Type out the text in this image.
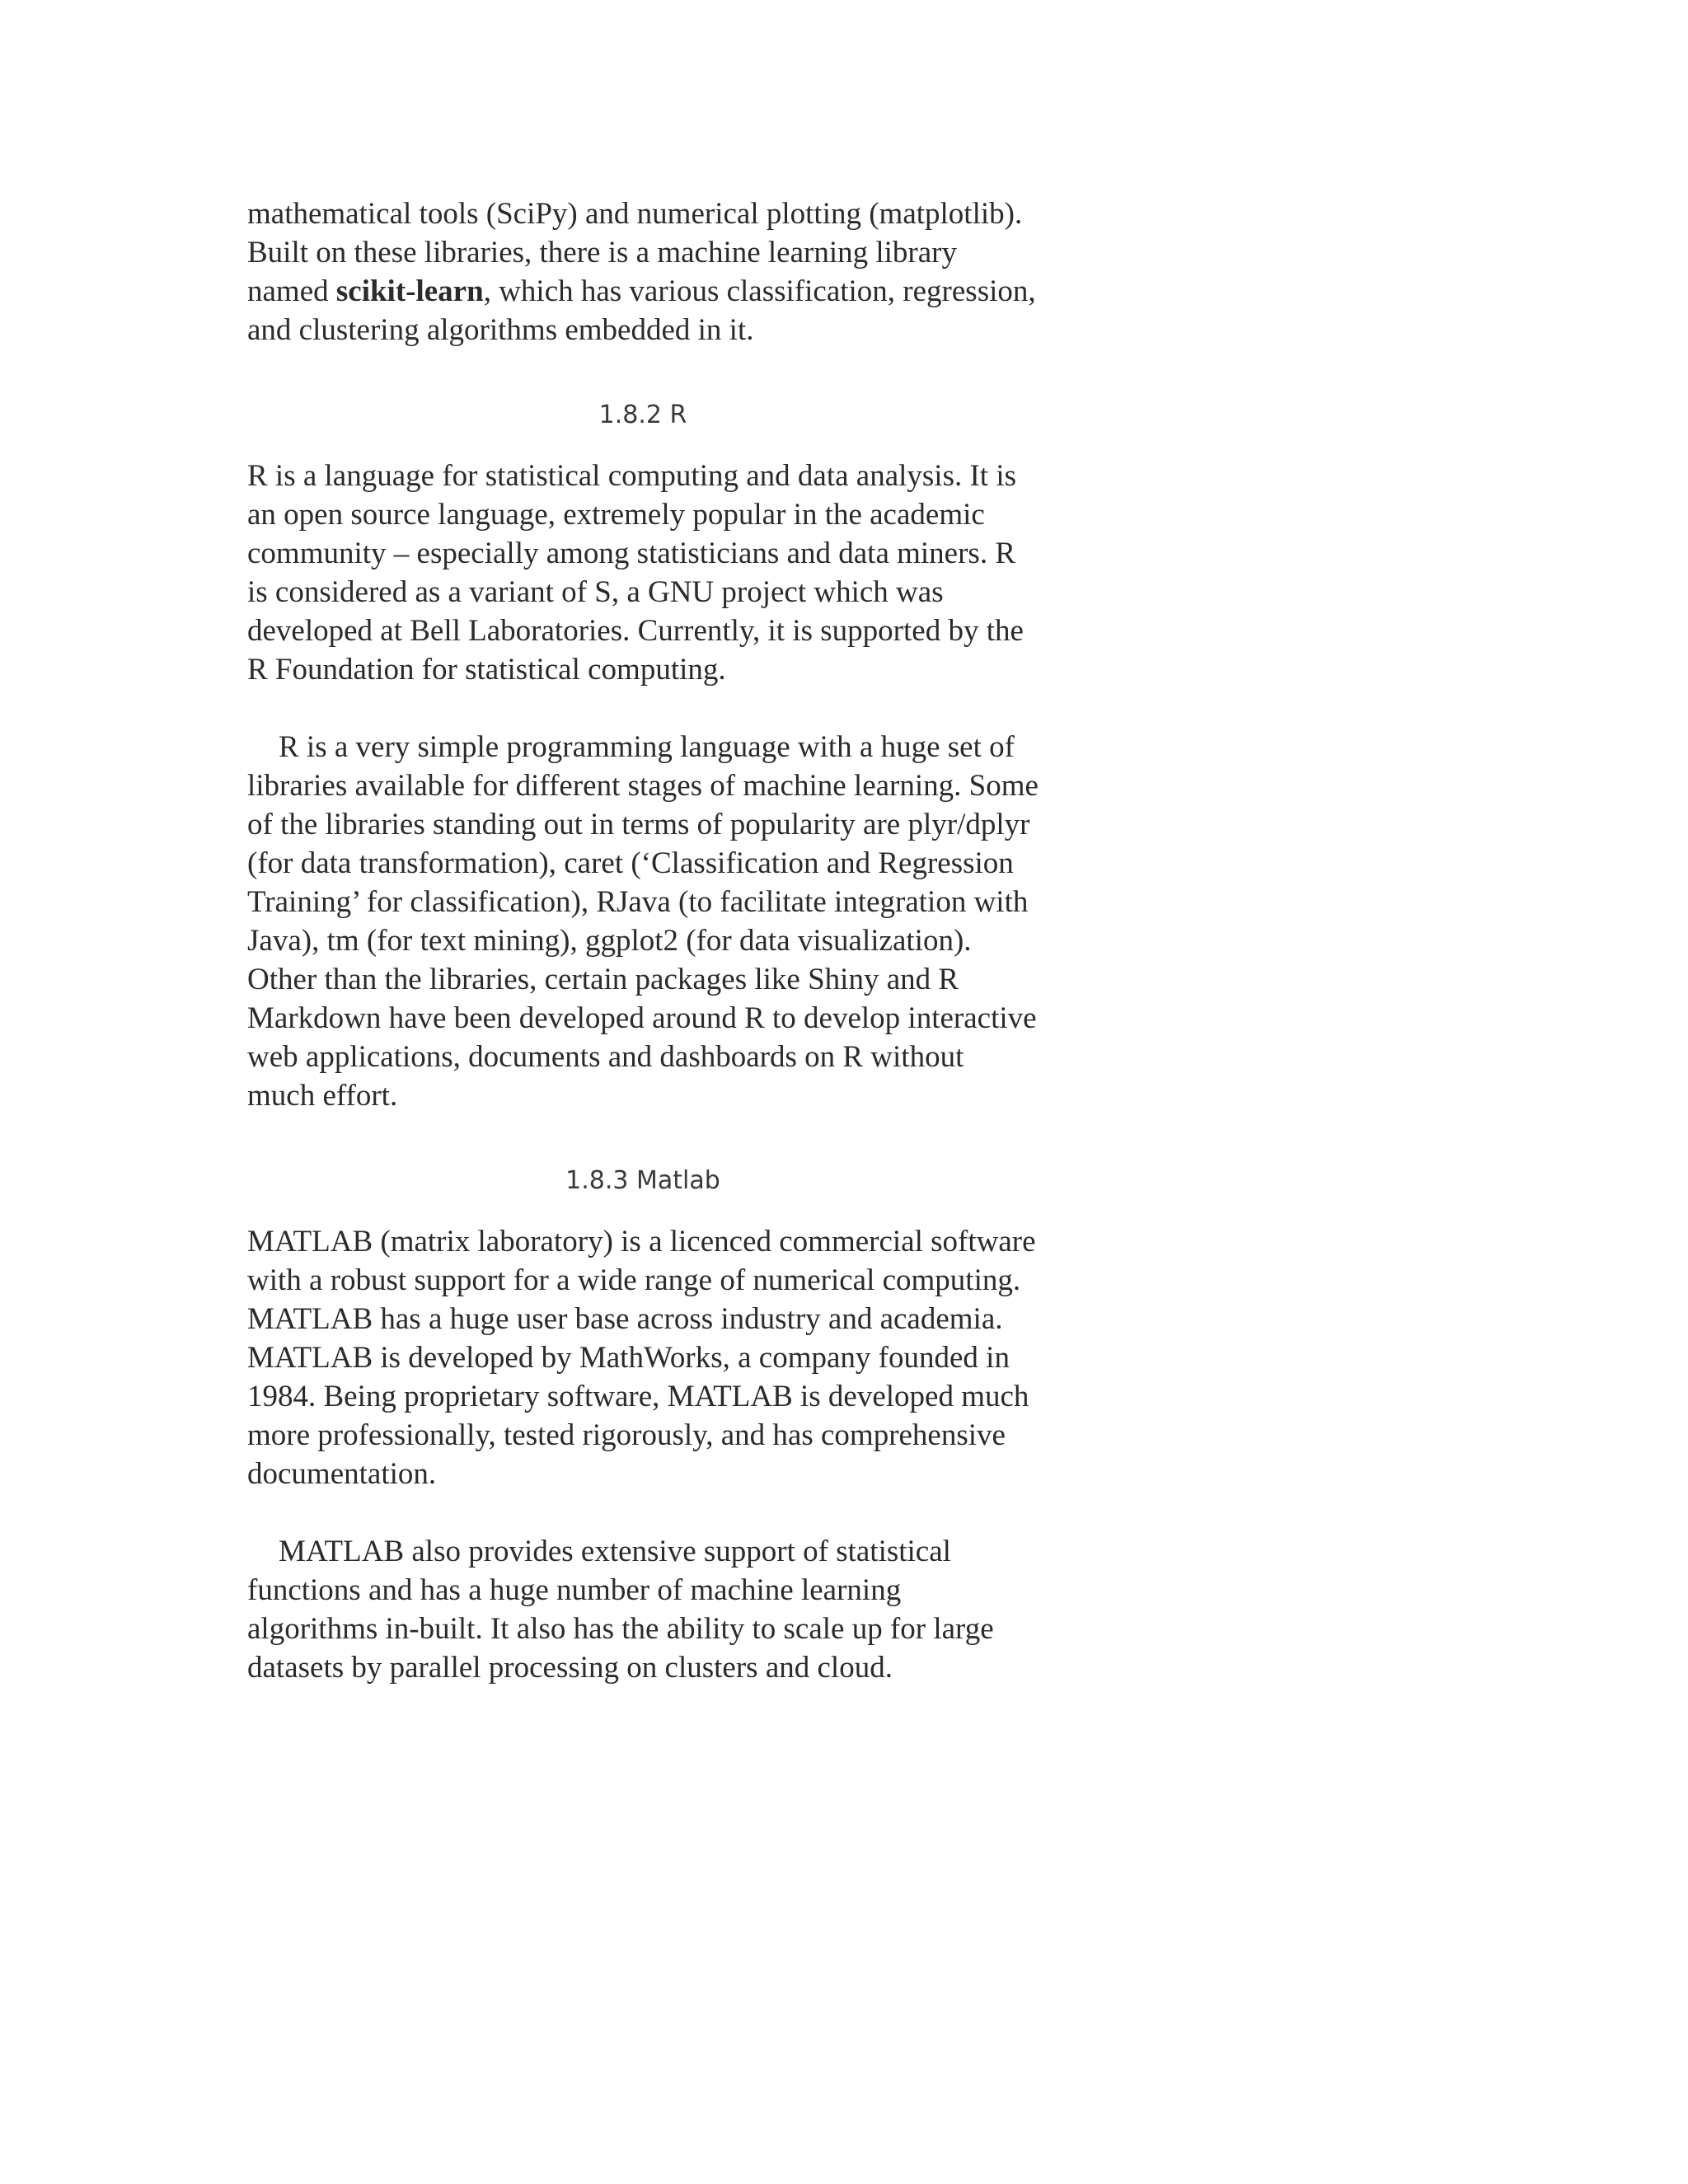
mathematical tools (SciPy) and numerical plotting (matplotlib). Built on these libraries, there is a machine learning library named scikit-learn, which has various classification, regression, and clustering algorithms embedded in it.

1.8.2 R

R is a language for statistical computing and data analysis. It is an open source language, extremely popular in the academic community – especially among statisticians and data miners. R is considered as a variant of S, a GNU project which was developed at Bell Laboratories. Currently, it is supported by the R Foundation for statistical computing.

R is a very simple programming language with a huge set of libraries available for different stages of machine learning. Some of the libraries standing out in terms of popularity are plyr/dplyr (for data transformation), caret (‘Classification and Regression Training’ for classification), RJava (to facilitate integration with Java), tm (for text mining), ggplot2 (for data visualization). Other than the libraries, certain packages like Shiny and R Markdown have been developed around R to develop interactive web applications, documents and dashboards on R without much effort.

1.8.3 Matlab

MATLAB (matrix laboratory) is a licenced commercial software with a robust support for a wide range of numerical computing. MATLAB has a huge user base across industry and academia. MATLAB is developed by MathWorks, a company founded in 1984. Being proprietary software, MATLAB is developed much more professionally, tested rigorously, and has comprehensive documentation.

MATLAB also provides extensive support of statistical functions and has a huge number of machine learning algorithms in-built. It also has the ability to scale up for large datasets by parallel processing on clusters and cloud.
